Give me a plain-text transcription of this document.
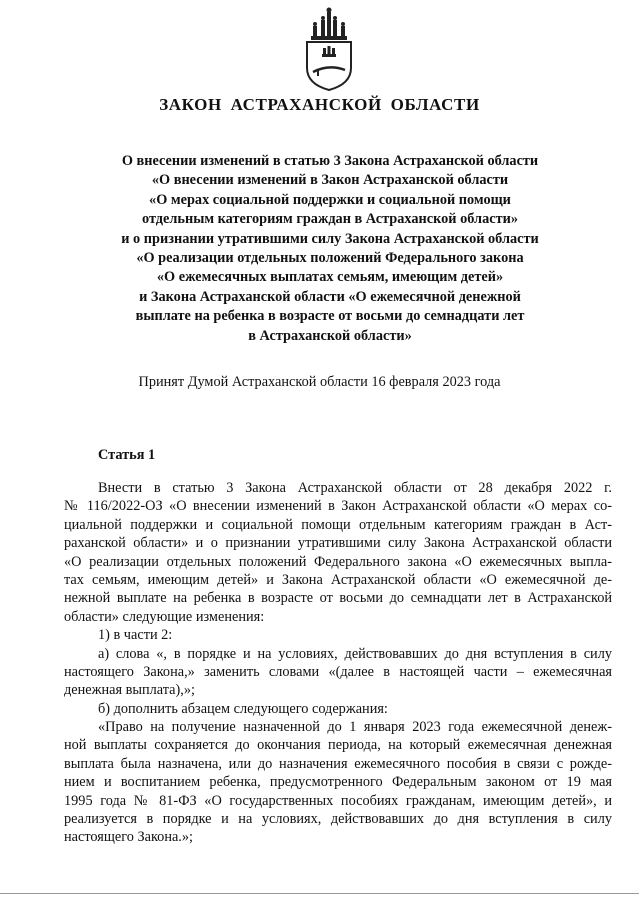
ЗАКОН АСТРАХАНСКОЙ ОБЛАСТИ
О внесении изменений в статью 3 Закона Астраханской области
«О внесении изменений в Закон Астраханской области
«О мерах социальной поддержки и социальной помощи
отдельным категориям граждан в Астраханской области»
и о признании утратившими силу Закона Астраханской области
«О реализации отдельных положений Федерального закона
«О ежемесячных выплатах семьям, имеющим детей»
и Закона Астраханской области «О ежемесячной денежной
выплате на ребенка в возрасте от восьми до семнадцати лет
в Астраханской области»
Принят Думой Астраханской области 16 февраля 2023 года
Статья 1
Внести в статью 3 Закона Астраханской области от 28 декабря 2022 г.
№ 116/2022-ОЗ «О внесении изменений в Закон Астраханской области «О мерах со-
циальной поддержки и социальной помощи отдельным категориям граждан в Аст-
раханской области» и о признании утратившими силу Закона Астраханской области
«О реализации отдельных положений Федерального закона «О ежемесячных выпла-
тах семьям, имеющим детей» и Закона Астраханской области «О ежемесячной де-
нежной выплате на ребенка в возрасте от восьми до семнадцати лет в Астраханской
области» следующие изменения:
1) в части 2:
а) слова «, в порядке и на условиях, действовавших до дня вступления в силу
настоящего Закона,» заменить словами «(далее в настоящей части – ежемесячная
денежная выплата),»;
б) дополнить абзацем следующего содержания:
«Право на получение назначенной до 1 января 2023 года ежемесячной денеж-
ной выплаты сохраняется до окончания периода, на который ежемесячная денежная
выплата была назначена, или до назначения ежемесячного пособия в связи с рожде-
нием и воспитанием ребенка, предусмотренного Федеральным законом от 19 мая
1995 года № 81-ФЗ «О государственных пособиях гражданам, имеющим детей», и
реализуется в порядке и на условиях, действовавших до дня вступления в силу
настоящего Закона.»;
